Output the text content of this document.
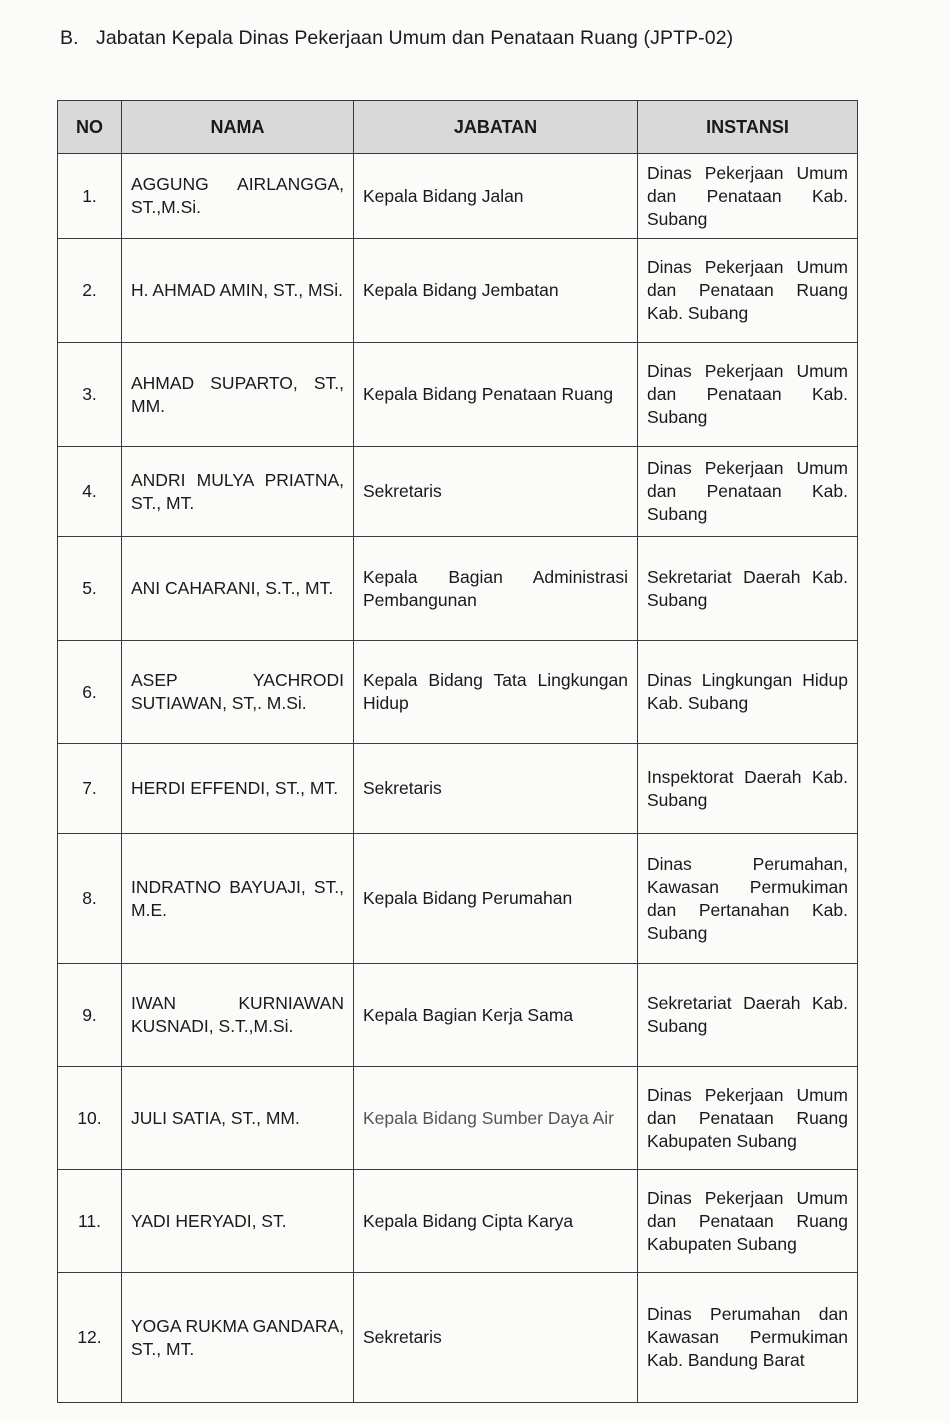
B. Jabatan Kepala Dinas Pekerjaan Umum dan Penataan Ruang (JPTP-02)
NO	NAMA	JABATAN	INSTANSI
1.	AGGUNG AIRLANGGA, ST.,M.Si.	Kepala Bidang Jalan	Dinas Pekerjaan Umum dan Penataan Kab. Subang
2.	H. AHMAD AMIN, ST., MSi.	Kepala Bidang Jembatan	Dinas Pekerjaan Umum dan Penataan Ruang Kab. Subang
3.	AHMAD SUPARTO, ST., MM.	Kepala Bidang Penataan Ruang	Dinas Pekerjaan Umum dan Penataan Kab. Subang
4.	ANDRI MULYA PRIATNA, ST., MT.	Sekretaris	Dinas Pekerjaan Umum dan Penataan Kab. Subang
5.	ANI CAHARANI, S.T., MT.	Kepala Bagian Administrasi Pembangunan	Sekretariat Daerah Kab. Subang
6.	ASEP YACHRODI SUTIAWAN, ST,. M.Si.	Kepala Bidang Tata Lingkungan Hidup	Dinas Lingkungan Hidup Kab. Subang
7.	HERDI EFFENDI, ST., MT.	Sekretaris	Inspektorat Daerah Kab. Subang
8.	INDRATNO BAYUAJI, ST., M.E.	Kepala Bidang Perumahan	Dinas Perumahan, Kawasan Permukiman dan Pertanahan Kab. Subang
9.	IWAN KURNIAWAN KUSNADI, S.T.,M.Si.	Kepala Bagian Kerja Sama	Sekretariat Daerah Kab. Subang
10.	JULI SATIA, ST., MM.	Kepala Bidang Sumber Daya Air	Dinas Pekerjaan Umum dan Penataan Ruang Kabupaten Subang
11.	YADI HERYADI, ST.	Kepala Bidang Cipta Karya	Dinas Pekerjaan Umum dan Penataan Ruang Kabupaten Subang
12.	YOGA RUKMA GANDARA, ST., MT.	Sekretaris	Dinas Perumahan dan Kawasan Permukiman Kab. Bandung Barat
